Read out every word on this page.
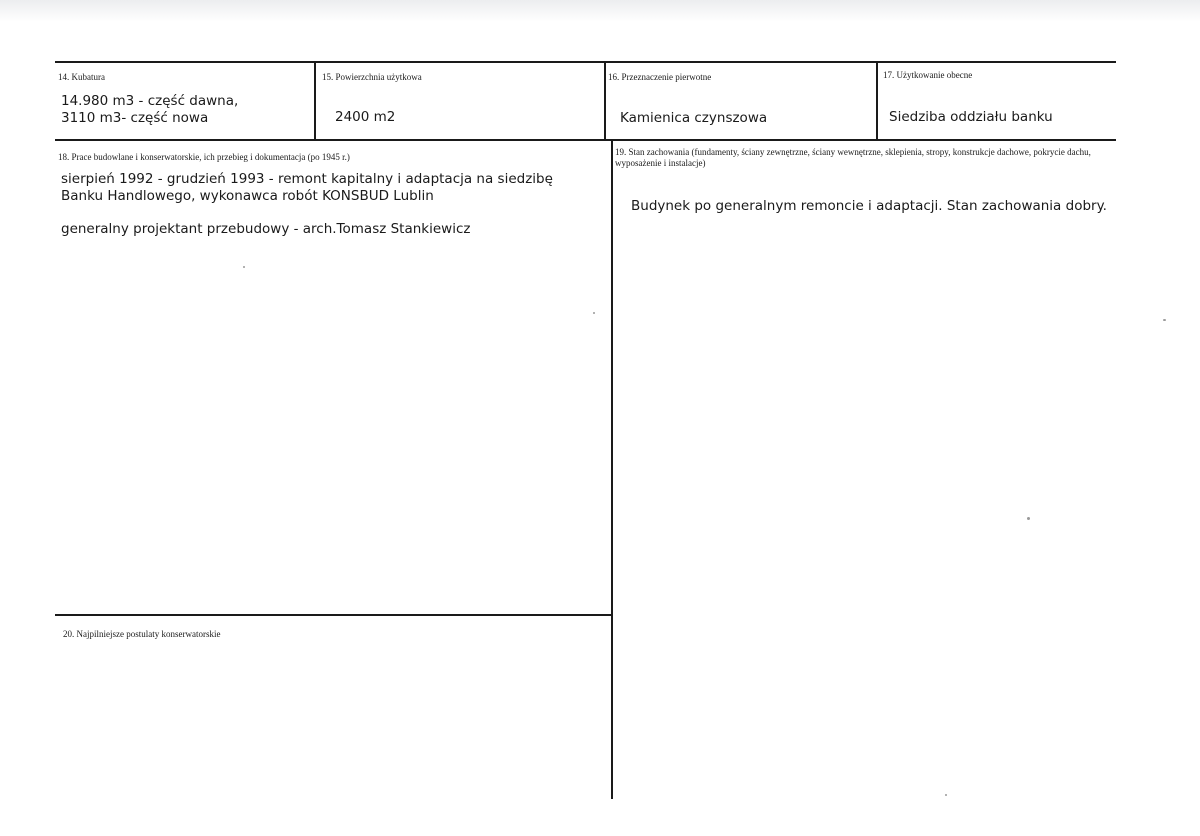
14. Kubatura
14.980 m3 - część dawna,
3110 m3- część nowa
15. Powierzchnia użytkowa
2400 m2
16. Przeznaczenie pierwotne
Kamienica czynszowa
17. Użytkowanie obecne
Siedziba oddziału banku
18. Prace budowlane i konserwatorskie, ich przebieg i dokumentacja (po 1945 r.)
sierpień 1992 - grudzień 1993 - remont kapitalny i adaptacja na siedzibę
Banku Handlowego, wykonawca robót KONSBUD Lublin
generalny projektant przebudowy - arch.Tomasz Stankiewicz
19. Stan zachowania (fundamenty, ściany zewnętrzne, ściany wewnętrzne, sklepienia, stropy, konstrukcje dachowe, pokrycie dachu, wyposażenie i instalacje)
Budynek po generalnym remoncie i adaptacji. Stan zachowania dobry.
20. Najpilniejsze postulaty konserwatorskie
